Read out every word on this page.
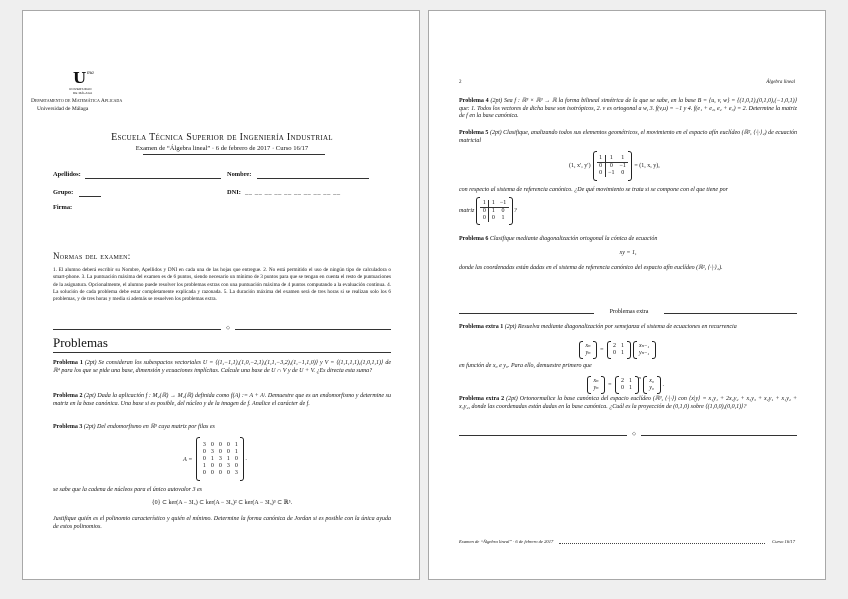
U ma
UNIVERSIDAD
DE MÁLAGA
Departamento de Matemática Aplicada
Universidad de Málaga
Escuela Técnica Superior de Ingeniería Industrial
Examen de “Álgebra lineal” · 6 de febrero de 2017 · Curso 16/17
Apellidos:	Nombre:
Grupo:	DNI: __ __ __ __ __ __ __ __ __ __
Firma:
Normas del examen:
1. El alumno deberá escribir su Nombre, Apellidos y DNI en cada una de las hojas que entregue. 2. No está permitido el uso de ningún tipo de calculadora o smart-phone. 3. La puntuación máxima del examen es de 6 puntos, siendo necesario un mínimo de 3 puntos para que se tengan en cuenta el resto de puntuaciones de la asignatura. Opcionalmente, el alumno puede resolver los problemas extras con una puntuación máxima de 4 puntos computando a la evaluación continua. 4. La solución de cada problema debe estar completamente explicada y razonada. 5. La duración máxima del examen será de tres horas si se realizan solo los 6 problemas, y de tres horas y media si además se resuelven los problemas extra.
◇
Problemas
Problema 1 (2pt) Se consideran los subespacios vectoriales U = ⟨(1,−1,1),(1,0,−2,1),(1,1,−3,2),(1,−1,1,0)⟩ y V = ⟨(1,1,1,1),(1,0,1,1)⟩ de ℝ⁴ para los que se pide una base, dimensión y ecuaciones implícitas. Calcule una base de U ∩ V y de U + V. ¿Es directa esta suma?
Problema 2 (2pt) Dada la aplicación f : M₂(ℝ) → M₂(ℝ) definida como f(A) := A + Aᵗ. Demuestre que es un endomorfismo y determine su matriz en la base canónica. Una base si es posible, del núcleo y de la imagen de f. Analice el carácter de f.
Problema 3 (2pt) Del endomorfismo en ℝ⁵ cuya matriz por filas es
A =
3	0	0	0	1
0	3	0	0	1
0	1	3	1	0
1	0	0	3	0
0	0	0	0	3
.
se sabe que la cadena de núcleos para el único autovalor 3 es
{0} ⊂ ker(A − 3I₅) ⊂ ker(A − 3I₅)² ⊂ ker(A − 3I₅)³ ⊂ ℝ⁵.
Justifique quién es el polinomio característico y quién el mínimo. Determine la forma canónica de Jordan si es posible con la única ayuda de estos polinomios.
2	Álgebra lineal
Problema 4 (2pt) Sea f : ℝ³ × ℝ³ → ℝ la forma bilineal simétrica de la que se sabe, en la base B = {u, v, w} = {(1,0,1),(0,1,0),(−1,0,1)} que: 1. Todos los vectores de dicha base son isotrópicos, 2. v es ortogonal a w, 3. f(v,u) = −1 y 4. f(e₁ + e₂, e₂ + e₃) = 2. Determine la matriz de f en la base canónica.
Problema 5 (2pt) Clasifique, analizando todos sus elementos geométricos, el movimiento en el espacio afín euclídeo (ℝ², ⟨·|·⟩₂) de ecuación matricial
(1, x′, y′)
1	1	1
0	0	−1
0	−1	0
= (1, x, y),
con respecto al sistema de referencia canónico. ¿De qué movimiento se trata si se compone con el que tiene por
matriz
1	1	−1
0	1	0
0	0	1
?
Problema 6 Clasifique mediante diagonalización ortogonal la cónica de ecuación
xy = 1,
donde las coordenadas están dadas en el sistema de referencia canónico del espacio afín euclídeo (ℝ², ⟨·|·⟩₂).
Problemas extra
Problema extra 1 (2pt) Resuelva mediante diagonalización por semejanza el sistema de ecuaciones en recurrencia
xₙ
yₙ =
2	1
0	1
xₙ₋₁
yₙ₋₁
en función de x₀ e y₀. Para ello, demuestre primero que
xₙ
yₙ =
2	1
0	1
$^n$
x₀
y₀ .
Problema extra 2 (2pt) Ortonormalice la base canónica del espacio euclídeo (ℝ³, ⟨·|·⟩) con ⟨x|y⟩ = x₁y₁ + 2x₂y₂ + x₃y₃ + x₂y₁ + x₁y₂ + x₃y₂, donde las coordenadas están dadas en la base canónica. ¿Cuál es la proyección de (0,1,0) sobre ⟨(1,0,0),(0,0,1)⟩?
◇
Examen de “Álgebra lineal” · 6 de febrero de 2017	Curso 16/17
